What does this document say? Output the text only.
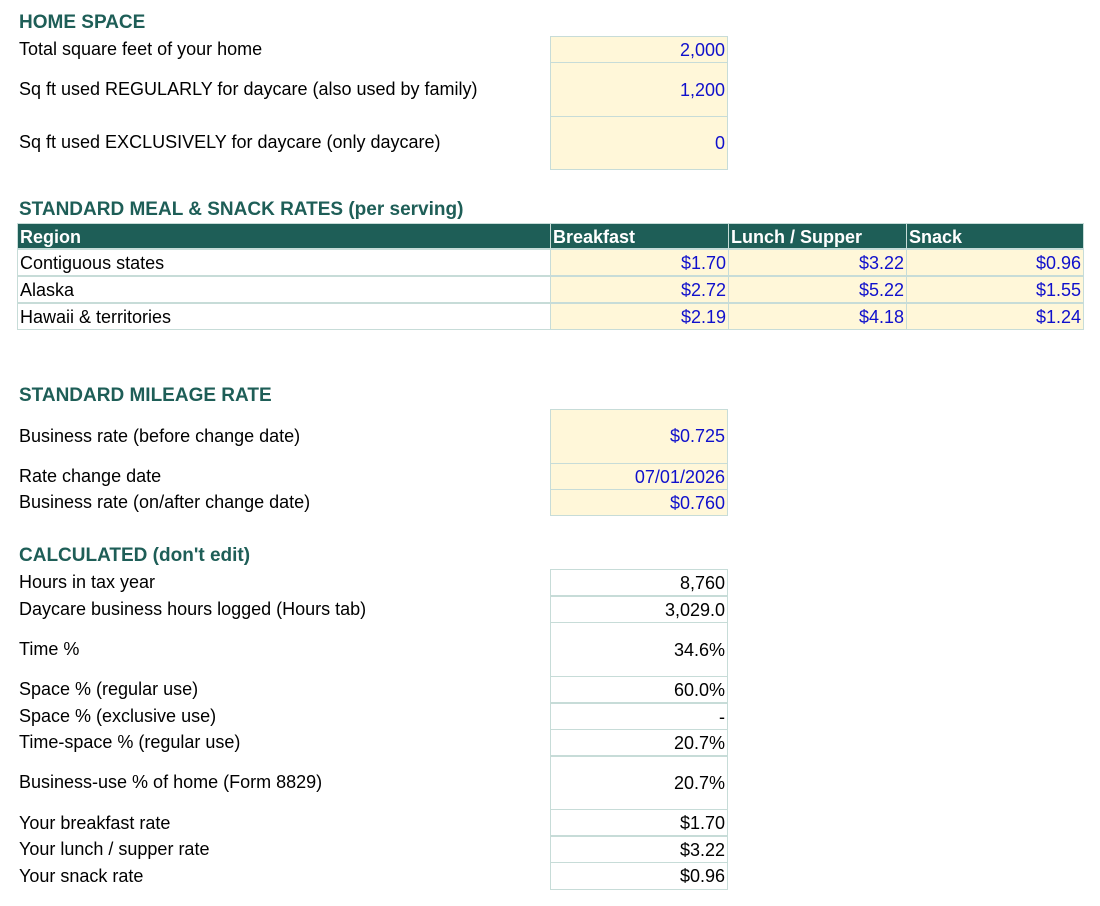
HOME SPACE
Total square feet of your home	2,000
Sq ft used REGULARLY for daycare (also used by family)	1,200
Sq ft used EXCLUSIVELY for daycare (only daycare)	0
STANDARD MEAL & SNACK RATES (per serving)
Region	Breakfast	Lunch / Supper	Snack
Contiguous states	$1.70	$3.22	$0.96
Alaska	$2.72	$5.22	$1.55
Hawaii & territories	$2.19	$4.18	$1.24
STANDARD MILEAGE RATE
Business rate (before change date)	$0.725
Rate change date	07/01/2026
Business rate (on/after change date)	$0.760
CALCULATED (don't edit)
Hours in tax year	8,760
Daycare business hours logged (Hours tab)	3,029.0
Time %	34.6%
Space % (regular use)	60.0%
Space % (exclusive use)	-
Time-space % (regular use)	20.7%
Business-use % of home (Form 8829)	20.7%
Your breakfast rate	$1.70
Your lunch / supper rate	$3.22
Your snack rate	$0.96
